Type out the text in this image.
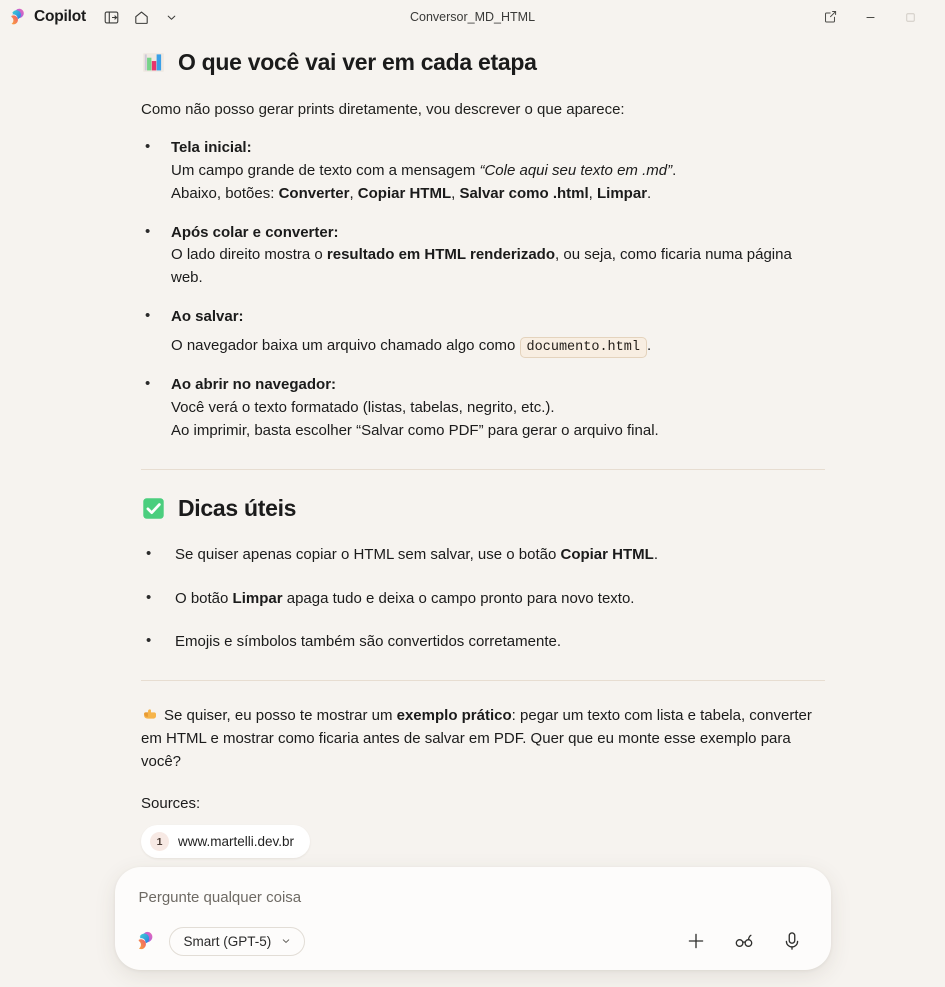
Copilot	Conversor_MD_HTML
O que você vai ver em cada etapa

Como não posso gerar prints diretamente, vou descrever o que aparece:

• Tela inicial:
Um campo grande de texto com a mensagem “Cole aqui seu texto em .md”.
Abaixo, botões: Converter, Copiar HTML, Salvar como .html, Limpar.
• Após colar e converter:
O lado direito mostra o resultado em HTML renderizado, ou seja, como ficaria numa página web.
• Ao salvar:
O navegador baixa um arquivo chamado algo como documento.html .
• Ao abrir no navegador:
Você verá o texto formatado (listas, tabelas, negrito, etc.).
Ao imprimir, basta escolher “Salvar como PDF” para gerar o arquivo final.
Dicas úteis
• Se quiser apenas copiar o HTML sem salvar, use o botão Copiar HTML.
• O botão Limpar apaga tudo e deixa o campo pronto para novo texto.
• Emojis e símbolos também são convertidos corretamente.

Se quiser, eu posso te mostrar um exemplo prático: pegar um texto com lista e tabela, converter em HTML e mostrar como ficaria antes de salvar em PDF. Quer que eu monte esse exemplo para você?

Sources:

1	www.martelli.dev.br
Pergunte qualquer coisa
Smart (GPT-5)
